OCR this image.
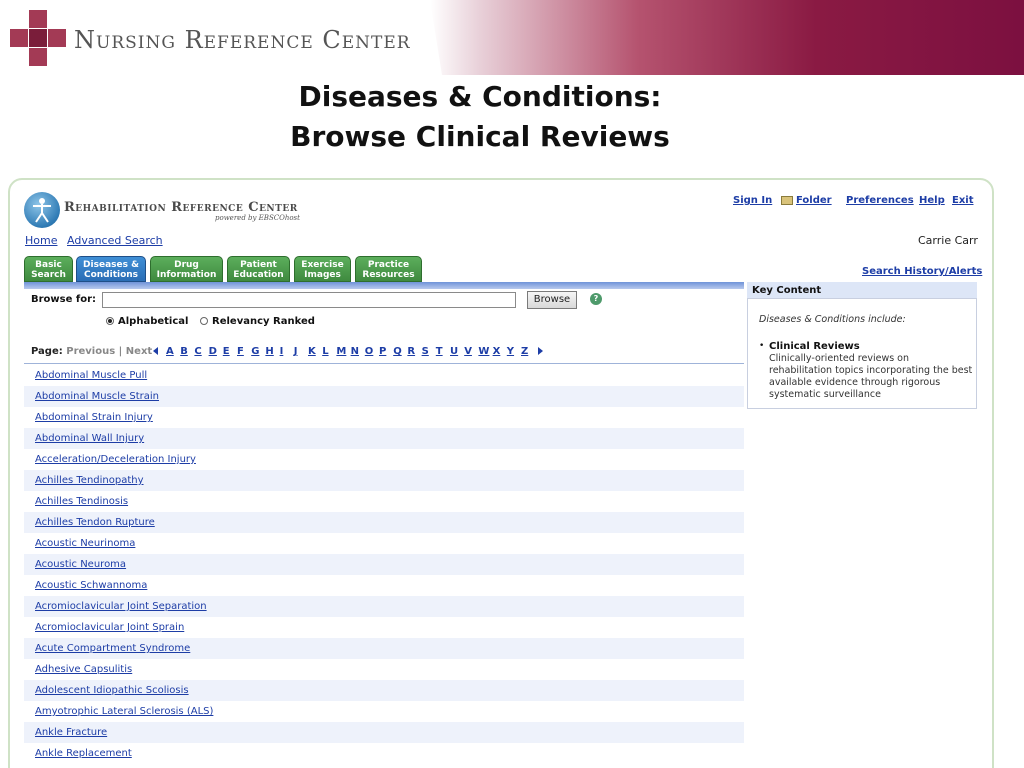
Nursing Reference Center
Diseases & Conditions:
Browse Clinical Reviews
Rehabilitation Reference Center
powered by EBSCOhost
Sign In Folder Preferences Help Exit
Home Advanced Search	Carrie Carr
Basic
Search
Diseases &
Conditions
Drug
Information
Patient
Education
Exercise
Images
Practice
Resources	Search History/Alerts
Browse for:	Browse	?
Alphabetical Relevancy Ranked
Page: Previous | Next A B C D E F G H I J K L M N O P Q R S T U V W X Y Z
Abdominal Muscle Pull
Abdominal Muscle Strain
Abdominal Strain Injury
Abdominal Wall Injury
Acceleration/Deceleration Injury
Achilles Tendinopathy
Achilles Tendinosis
Achilles Tendon Rupture
Acoustic Neurinoma
Acoustic Neuroma
Acoustic Schwannoma
Acromioclavicular Joint Separation
Acromioclavicular Joint Sprain
Acute Compartment Syndrome
Adhesive Capsulitis
Adolescent Idiopathic Scoliosis
Amyotrophic Lateral Sclerosis (ALS)
Ankle Fracture
Ankle Replacement
Key Content
Diseases & Conditions include:
• Clinical Reviews
Clinically-oriented reviews on rehabilitation topics incorporating the best available evidence through rigorous systematic surveillance
